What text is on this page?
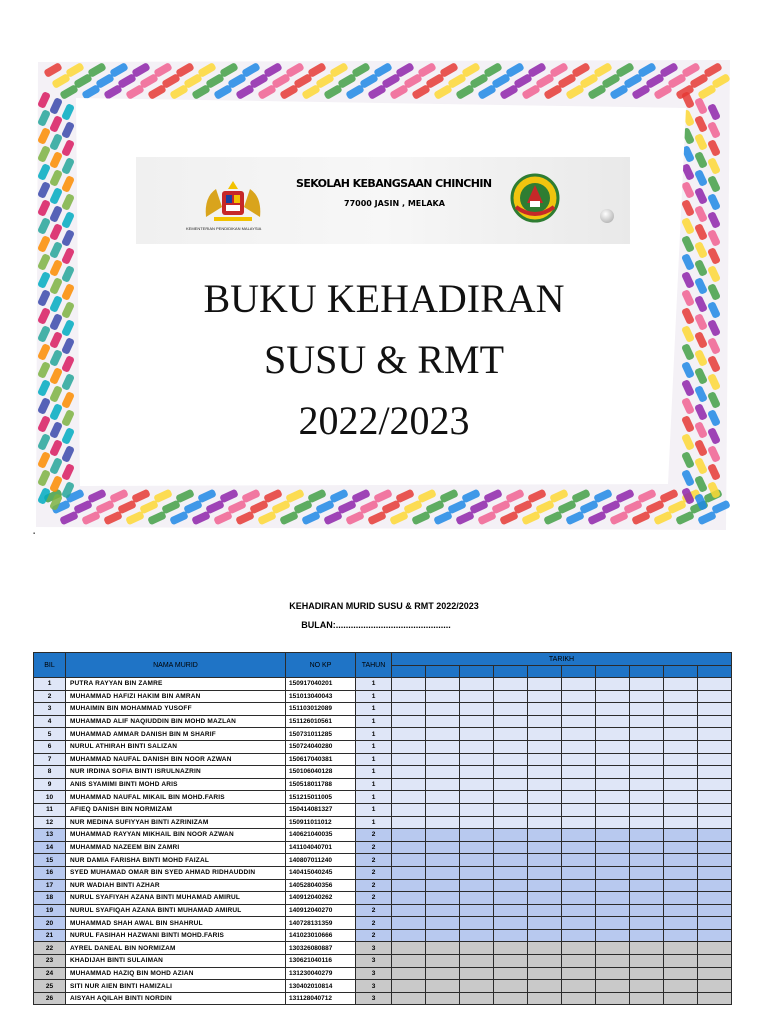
KEMENTERIAN PENDIDIKAN MALAYSIA
SEKOLAH KEBANGSAAN CHINCHIN
77000 JASIN , MELAKA
BUKU KEHADIRAN
SUSU & RMT
2022/2023
▪
KEHADIRAN MURID SUSU & RMT 2022/2023
BULAN:..............................................
BIL	NAMA MURID	NO KP	TAHUN	TARIKH									

1	PUTRA RAYYAN BIN ZAMRE	150917040201	1										
2	MUHAMMAD HAFIZI HAKIM BIN AMRAN	151013040043	1										
3	MUHAIMIN BIN MOHAMMAD YUSOFF	151103012089	1										
4	MUHAMMAD ALIF NAQIUDDIN BIN MOHD MAZLAN	151126010561	1										
5	MUHAMMAD AMMAR DANISH BIN M SHARIF	150731011285	1										
6	NURUL ATHIRAH BINTI SALIZAN	150724040280	1										
7	MUHAMMAD NAUFAL DANISH BIN NOOR AZWAN	150617040381	1										
8	NUR IRDINA SOFIA BINTI ISRULNAZRIN	150106040128	1										
9	ANIS SYAMIMI BINTI MOHD ARIS	150518011788	1										
10	MUHAMMAD NAUFAL MIKAIL BIN MOHD.FARIS	151215011005	1										
11	AFIEQ DANISH BIN NORMIZAM	150414081327	1										
12	NUR MEDINA SUFIYYAH BINTI AZRINIZAM	150911011012	1										
13	MUHAMMAD RAYYAN MIKHAIL BIN NOOR AZWAN	140621040035	2										
14	MUHAMMAD NAZEEM BIN ZAMRI	141104040701	2										
15	NUR DAMIA FARISHA BINTI MOHD FAIZAL	140807011240	2										
16	SYED MUHAMAD OMAR BIN SYED AHMAD RIDHAUDDIN	140415040245	2										
17	NUR WADIAH BINTI AZHAR	140528040356	2										
18	NURUL SYAFIYAH AZANA BINTI MUHAMAD AMIRUL	140912040262	2										
19	NURUL SYAFIQAH AZANA BINTI MUHAMAD AMIRUL	140912040270	2										
20	MUHAMMAD SHAH AWAL BIN SHAHRUL	140728131359	2										
21	NURUL FASIHAH HAZWANI BINTI MOHD.FARIS	141023010666	2										
22	AYREL DANEAL BIN NORMIZAM	130326080887	3										
23	KHADIJAH BINTI SULAIMAN	130621040116	3										
24	MUHAMMAD HAZIQ BIN MOHD AZIAN	131230040279	3										
25	SITI NUR AIEN BINTI HAMIZALI	130402010814	3										
26	AISYAH AQILAH BINTI NORDIN	131128040712	3										
